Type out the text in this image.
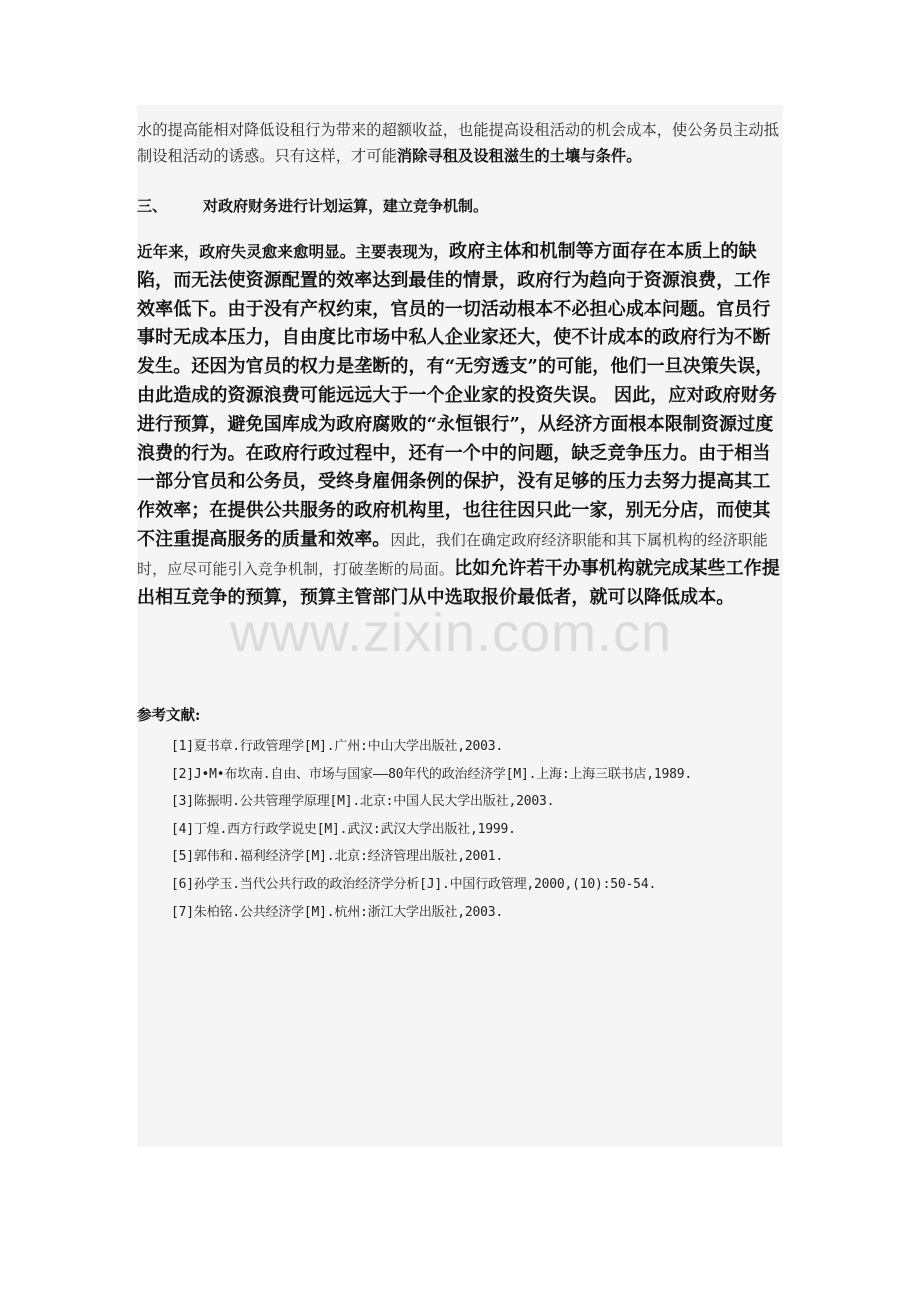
水的提高能相对降低设租行为带来的超额收益，也能提高设租活动的机会成本，使公务员主动抵制设租活动的诱惑。只有这样，才可能消除寻租及设租滋生的土壤与条件。
三、 对政府财务进行计划运算，建立竞争机制。
近年来，政府失灵愈来愈明显。主要表现为，政府主体和机制等方面存在本质上的缺陷，而无法使资源配置的效率达到最佳的情景，政府行为趋向于资源浪费，工作效率低下。由于没有产权约束，官员的一切活动根本不必担心成本问题。官员行事时无成本压力，自由度比市场中私人企业家还大，使不计成本的政府行为不断发生。还因为官员的权力是垄断的，有“无穷透支”的可能，他们一旦决策失误，由此造成的资源浪费可能远远大于一个企业家的投资失误。 因此，应对政府财务进行预算，避免国库成为政府腐败的“永恒银行”，从经济方面根本限制资源过度浪费的行为。在政府行政过程中，还有一个中的问题，缺乏竞争压力。由于相当一部分官员和公务员，受终身雇佣条例的保护，没有足够的压力去努力提高其工作效率；在提供公共服务的政府机构里，也往往因只此一家，别无分店，而使其不注重提高服务的质量和效率。因此，我们在确定政府经济职能和其下属机构的经济职能时，应尽可能引入竞争机制，打破垄断的局面。比如允许若干办事机构就完成某些工作提出相互竞争的预算，预算主管部门从中选取报价最低者，就可以降低成本。
参考文献:
[1]夏书章.行政管理学[M].广州:中山大学出版社,2003.
[2]J•M•布坎南.自由、市场与国家——80年代的政治经济学[M].上海:上海三联书店,1989.
[3]陈振明.公共管理学原理[M].北京:中国人民大学出版社,2003.
[4]丁煌.西方行政学说史[M].武汉:武汉大学出版社,1999.
[5]郭伟和.福利经济学[M].北京:经济管理出版社,2001.
[6]孙学玉.当代公共行政的政治经济学分析[J].中国行政管理,2000,(10):50-54.
[7]朱柏铭.公共经济学[M].杭州:浙江大学出版社,2003.
www.zixin.com.cn
